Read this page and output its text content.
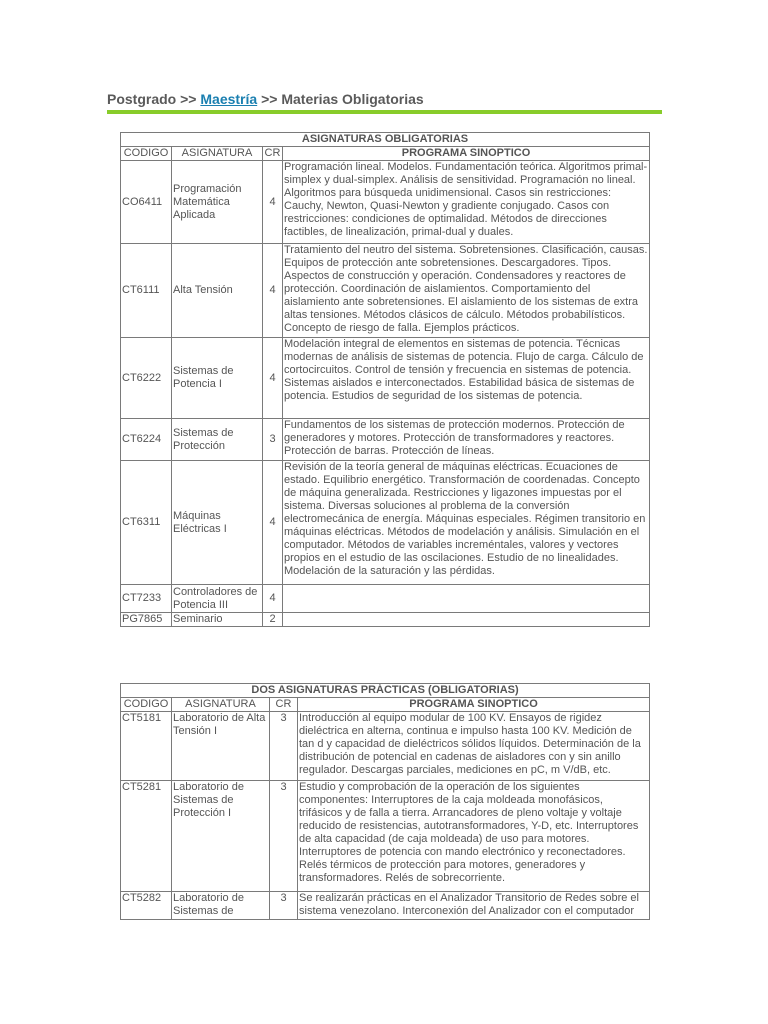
Postgrado >> Maestría >> Materias Obligatorias
ASIGNATURAS OBLIGATORIAS			
CODIGO	ASIGNATURA	CR	PROGRAMA SINOPTICO
CO6411	Programación Matemática Aplicada	4	Programación lineal. Modelos. Fundamentación teórica. Algoritmos primal-simplex y dual-simplex. Análisis de sensitividad. Programación no lineal. Algoritmos para búsqueda unidimensional. Casos sin restricciones: Cauchy, Newton, Quasi-Newton y gradiente conjugado. Casos con restricciones: condiciones de optimalidad. Métodos de direcciones factibles, de linealización, primal-dual y duales.
CT6111	Alta Tensión	4	Tratamiento del neutro del sistema. Sobretensiones. Clasificación, causas. Equipos de protección ante sobretensiones. Descargadores. Tipos. Aspectos de construcción y operación. Condensadores y reactores de protección. Coordinación de aislamientos. Comportamiento del aislamiento ante sobretensiones. El aislamiento de los sistemas de extra altas tensiones. Métodos clásicos de cálculo. Métodos probabilísticos. Concepto de riesgo de falla. Ejemplos prácticos.
CT6222	Sistemas de Potencia I	4	Modelación integral de elementos en sistemas de potencia. Técnicas modernas de análisis de sistemas de potencia. Flujo de carga. Cálculo de cortocircuitos. Control de tensión y frecuencia en sistemas de potencia. Sistemas aislados e interconectados. Estabilidad básica de sistemas de potencia. Estudios de seguridad de los sistemas de potencia.
CT6224	Sistemas de Protección	3	Fundamentos de los sistemas de protección modernos. Protección de generadores y motores. Protección de transformadores y reactores. Protección de barras. Protección de líneas.
CT6311	Máquinas Eléctricas I	4	Revisión de la teoría general de máquinas eléctricas. Ecuaciones de estado. Equilibrio energético. Transformación de coordenadas. Concepto de máquina generalizada. Restricciones y ligazones impuestas por el sistema. Diversas soluciones al problema de la conversión electromecánica de energía. Máquinas especiales. Régimen transitorio en máquinas eléctricas. Métodos de modelación y análisis. Simulación en el computador. Métodos de variables increméntales, valores y vectores propios en el estudio de las oscilaciones. Estudio de no linealidades. Modelación de la saturación y las pérdidas.
CT7233	Controladores de Potencia III	4	
PG7865	Seminario	2	
DOS ASIGNATURAS PRÁCTICAS (OBLIGATORIAS)			
CODIGO	ASIGNATURA	CR	PROGRAMA SINOPTICO
CT5181	Laboratorio de Alta Tensión I	3	Introducción al equipo modular de 100 KV. Ensayos de rigidez dieléctrica en alterna, continua e impulso hasta 100 KV. Medición de tan d y capacidad de dieléctricos sólidos líquidos. Determinación de la distribución de potencial en cadenas de aisladores con y sin anillo regulador. Descargas parciales, mediciones en pC, m V/dB, etc.
CT5281	Laboratorio de Sistemas de Protección I	3	Estudio y comprobación de la operación de los siguientes componentes: Interruptores de la caja moldeada monofásicos, trifásicos y de falla a tierra. Arrancadores de pleno voltaje y voltaje reducido de resistencias, autotransformadores, Y-D, etc. Interruptores de alta capacidad (de caja moldeada) de uso para motores. Interruptores de potencia con mando electrónico y reconectadores. Relés térmicos de protección para motores, generadores y transformadores. Relés de sobrecorriente.
CT5282	Laboratorio de Sistemas de	3	Se realizarán prácticas en el Analizador Transitorio de Redes sobre el sistema venezolano. Interconexión del Analizador con el computador
